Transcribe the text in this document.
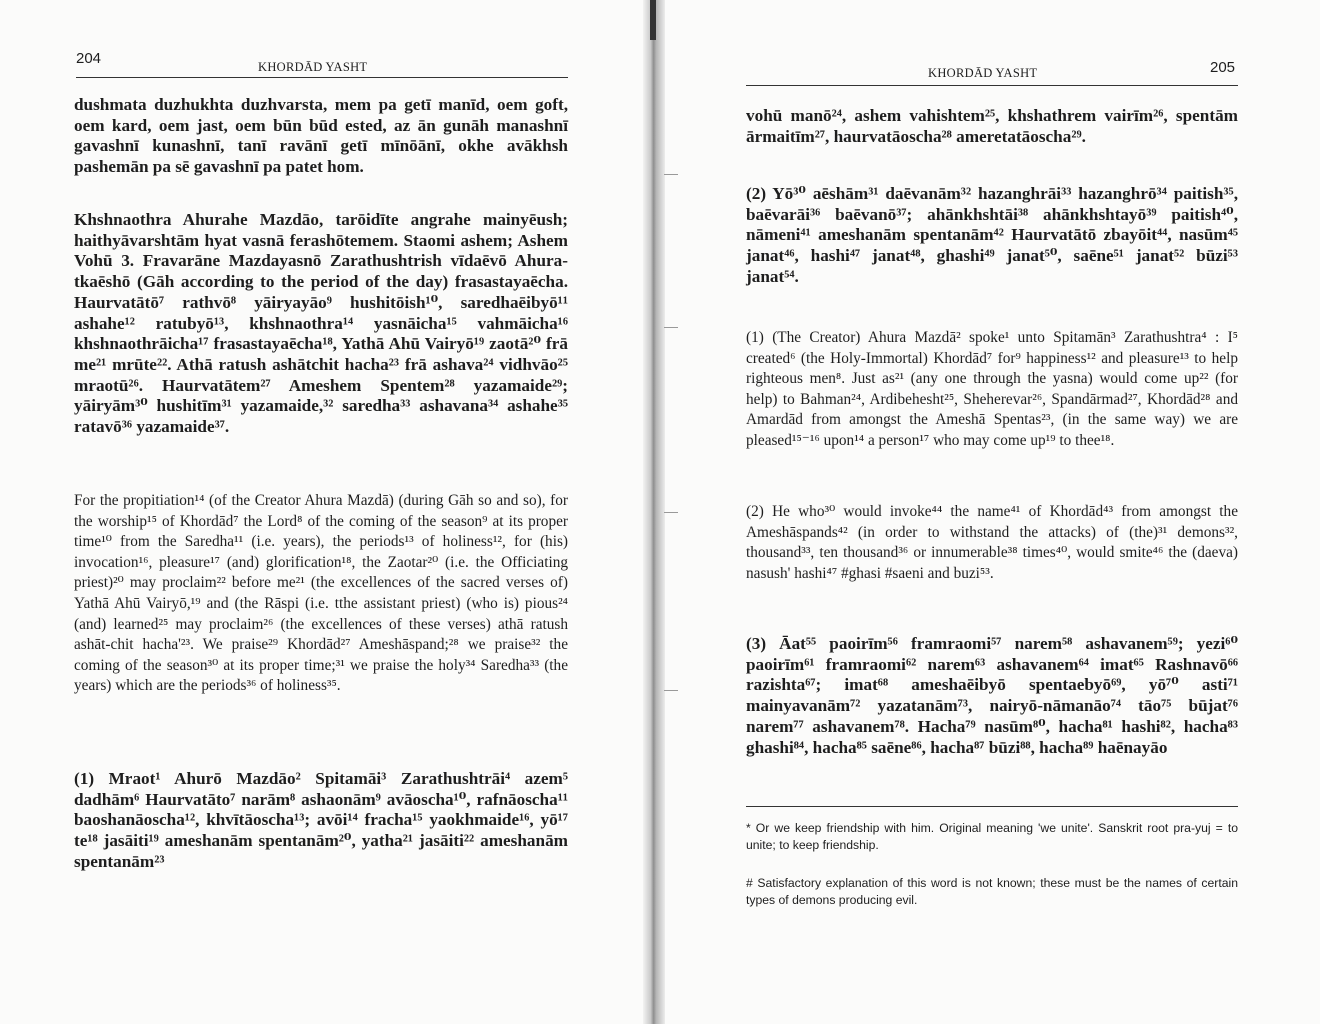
204	KHORDĀD YASHT

dushmata duzhukhta duzhvarsta, mem pa getī manīd, oem goft, oem kard, oem jast, oem būn būd ested, az ān gunāh manashnī gavashnī kunashnī, tanī ravānī getī mīnōānī, okhe avākhsh pashemān pa sē gavashnī pa patet hom.

Khshnaothra Ahurahe Mazdāo, tarōidīte angrahe mainyēush; haithyāvarshtām hyat vasnā ferashōtemem. Staomi ashem; Ashem Vohū 3. Fravarāne Mazdayasnō Zarathushtrish vīdaēvō Ahura-tkaēshō (Gāh according to the period of the day) frasastayaēcha. Haurvatātō⁷ rathvō⁸ yāiryayāo⁹ hushitōish¹⁰, saredhaēibyō¹¹ ashahe¹² ratubyō¹³, khshnaothra¹⁴ yasnāicha¹⁵ vahmāicha¹⁶ khshnaothrāicha¹⁷ frasastayaēcha¹⁸, Yathā Ahū Vairyō¹⁹ zaotā²⁰ frā me²¹ mrūte²². Athā ratush ashātchit hacha²³ frā ashava²⁴ vidhvāo²⁵ mraotū²⁶. Haurvatātem²⁷ Ameshem Spentem²⁸ yazamaide²⁹; yāiryām³⁰ hushitīm³¹ yazamaide,³² saredha³³ ashavana³⁴ ashahe³⁵ ratavō³⁶ yazamaide³⁷.

For the propitiation¹⁴ (of the Creator Ahura Mazdā) (during Gāh so and so), for the worship¹⁵ of Khordād⁷ the Lord⁸ of the coming of the season⁹ at its proper time¹⁰ from the Saredha¹¹ (i.e. years), the periods¹³ of holiness¹², for (his) invocation¹⁶, pleasure¹⁷ (and) glorification¹⁸, the Zaotar²⁰ (i.e. the Officiating priest)²⁰ may proclaim²² before me²¹ (the excellences of the sacred verses of) Yathā Ahū Vairyō,¹⁹ and (the Rāspi (i.e. tthe assistant priest) (who is) pious²⁴ (and) learned²⁵ may proclaim²⁶ (the excellences of these verses) athā ratush ashāt-chit hacha'²³. We praise²⁹ Khordād²⁷ Ameshāspand;²⁸ we praise³² the coming of the season³⁰ at its proper time;³¹ we praise the holy³⁴ Saredha³³ (the years) which are the periods³⁶ of holiness³⁵.

(1) Mraot¹ Ahurō Mazdāo² Spitamāi³ Zarathushtrāi⁴ azem⁵ dadhām⁶ Haurvatāto⁷ narām⁸ ashaonām⁹ avāoscha¹⁰, rafnāoscha¹¹ baoshanāoscha¹², khvītāoscha¹³; avōi¹⁴ fracha¹⁵ yaokhmaide¹⁶, yō¹⁷ te¹⁸ jasāiti¹⁹ ameshanām spentanām²⁰, yatha²¹ jasāiti²² ameshanām spentanām²³

KHORDĀD YASHT	205

vohū manō²⁴, ashem vahishtem²⁵, khshathrem vairīm²⁶, spentām ārmaitīm²⁷, haurvatāoscha²⁸ ameretatāoscha²⁹.

(2) Yō³⁰ aēshām³¹ daēvanām³² hazanghrāi³³ hazanghrō³⁴ paitish³⁵, baēvarāi³⁶ baēvanō³⁷; ahānkhshtāi³⁸ ahānkhshtayō³⁹ paitish⁴⁰, nāmeni⁴¹ ameshanām spentanām⁴² Haurvatātō zbayōit⁴⁴, nasūm⁴⁵ janat⁴⁶, hashi⁴⁷ janat⁴⁸, ghashi⁴⁹ janat⁵⁰, saēne⁵¹ janat⁵² būzi⁵³ janat⁵⁴.

(1) (The Creator) Ahura Mazdā² spoke¹ unto Spitamān³ Zarathushtra⁴ : I⁵ created⁶ (the Holy-Immortal) Khordād⁷ for⁹ happiness¹² and pleasure¹³ to help righteous men⁸. Just as²¹ (any one through the yasna) would come up²² (for help) to Bahman²⁴, Ardibehesht²⁵, Sheherevar²⁶, Spandārmad²⁷, Khordād²⁸ and Amardād from amongst the Ameshā Spentas²³, (in the same way) we are pleased¹⁵⁻¹⁶ upon¹⁴ a person¹⁷ who may come up¹⁹ to thee¹⁸.

(2) He who³⁰ would invoke⁴⁴ the name⁴¹ of Khordād⁴³ from amongst the Ameshāspands⁴² (in order to withstand the attacks) of (the)³¹ demons³², thousand³³, ten thousand³⁶ or innumerable³⁸ times⁴⁰, would smite⁴⁶ the (daeva) nasush' hashi⁴⁷ #ghasi #saeni and buzi⁵³.

(3) Āat⁵⁵ paoirīm⁵⁶ framraomi⁵⁷ narem⁵⁸ ashavanem⁵⁹; yezi⁶⁰ paoirīm⁶¹ framraomi⁶² narem⁶³ ashavanem⁶⁴ imat⁶⁵ Rashnavō⁶⁶ razishta⁶⁷; imat⁶⁸ ameshaēibyō spentaebyō⁶⁹, yō⁷⁰ asti⁷¹ mainyavanām⁷² yazatanām⁷³, nairyō-nāmanāo⁷⁴ tāo⁷⁵ būjat⁷⁶ narem⁷⁷ ashavanem⁷⁸. Hacha⁷⁹ nasūm⁸⁰, hacha⁸¹ hashi⁸², hacha⁸³ ghashi⁸⁴, hacha⁸⁵ saēne⁸⁶, hacha⁸⁷ būzi⁸⁸, hacha⁸⁹ haēnayāo

* Or we keep friendship with him. Original meaning 'we unite'. Sanskrit root pra-yuj = to unite; to keep friendship.

# Satisfactory explanation of this word is not known; these must be the names of certain types of demons producing evil.
